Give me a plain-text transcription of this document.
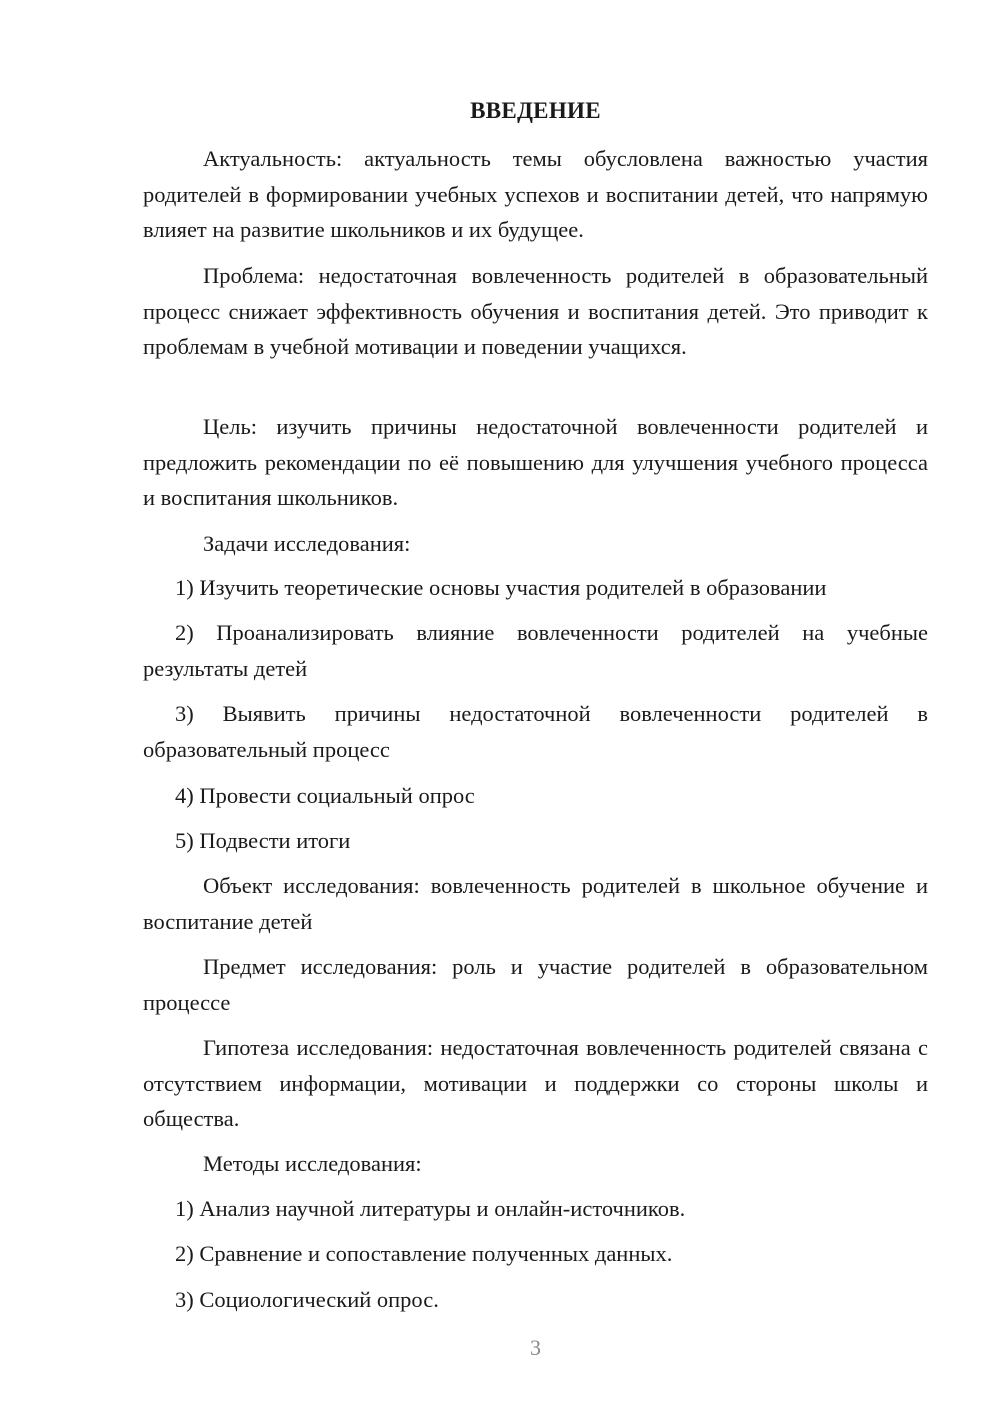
ВВЕДЕНИЕ

Актуальность: актуальность темы обусловлена важностью участия родителей в формировании учебных успехов и воспитании детей, что напрямую влияет на развитие школьников и их будущее.

Проблема: недостаточная вовлеченность родителей в образовательный процесс снижает эффективность обучения и воспитания детей. Это приводит к проблемам в учебной мотивации и поведении учащихся.

Цель: изучить причины недостаточной вовлеченности родителей и предложить рекомендации по её повышению для улучшения учебного процесса и воспитания школьников.

Задачи исследования:

1) Изучить теоретические основы участия родителей в образовании

2) Проанализировать влияние вовлеченности родителей на учебные результаты детей

3) Выявить причины недостаточной вовлеченности родителей в образовательный процесс

4) Провести социальный опрос

5) Подвести итоги

Объект исследования: вовлеченность родителей в школьное обучение и воспитание детей

Предмет исследования: роль и участие родителей в образовательном процессе

Гипотеза исследования: недостаточная вовлеченность родителей связана с отсутствием информации, мотивации и поддержки со стороны школы и общества.

Методы исследования:

1) Анализ научной литературы и онлайн-источников.

2) Сравнение и сопоставление полученных данных.

3) Социологический опрос.

3
